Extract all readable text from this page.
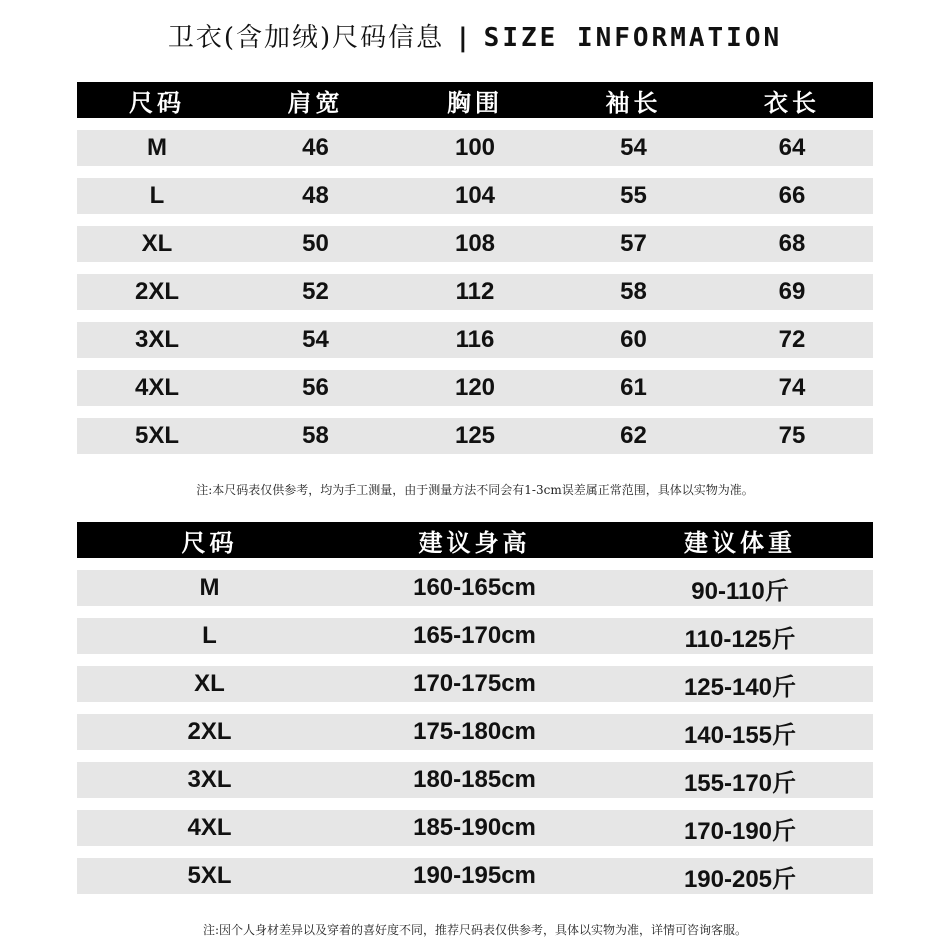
卫衣(含加绒)尺码信息 | SIZE INFORMATION
尺码	肩宽	胸围	袖长	衣长
M	46	100	54	64
L	48	104	55	66
XL	50	108	57	68
2XL	52	112	58	69
3XL	54	116	60	72
4XL	56	120	61	74
5XL	58	125	62	75
注:本尺码表仅供参考，均为手工测量，由于测量方法不同会有1-3cm误差属正常范围，具体以实物为准。
尺码	建议身高	建议体重
M	160-165cm	90-110斤
L	165-170cm	110-125斤
XL	170-175cm	125-140斤
2XL	175-180cm	140-155斤
3XL	180-185cm	155-170斤
4XL	185-190cm	170-190斤
5XL	190-195cm	190-205斤
注:因个人身材差异以及穿着的喜好度不同，推荐尺码表仅供参考，具体以实物为准，详情可咨询客服。
